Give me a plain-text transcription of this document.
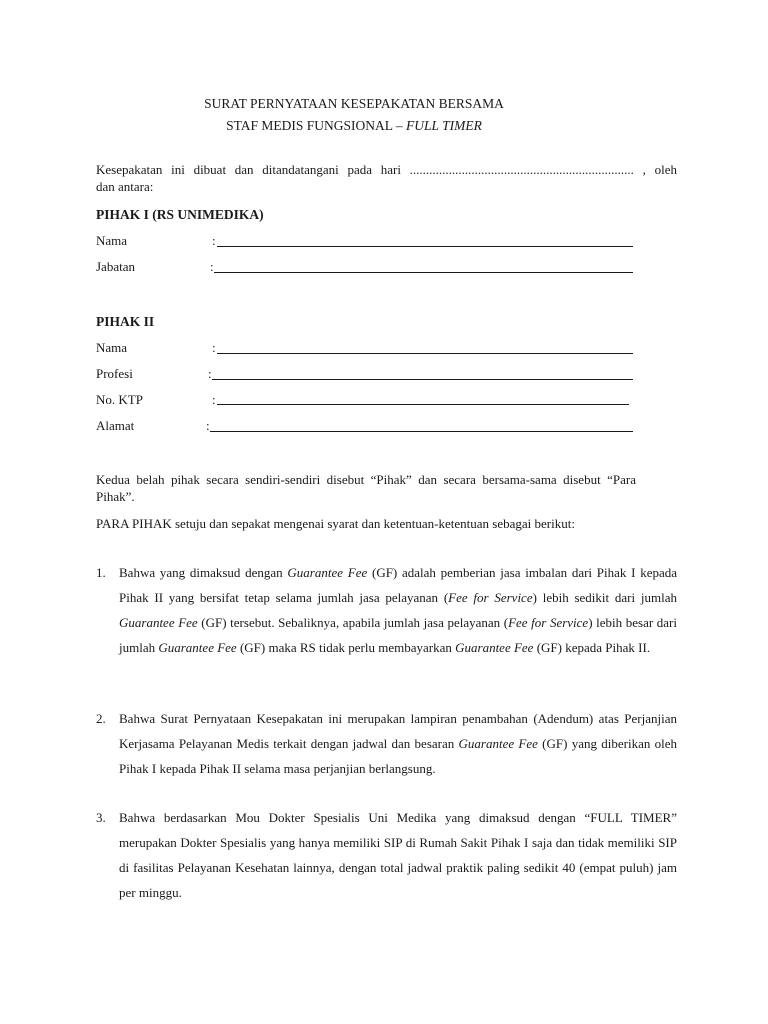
SURAT PERNYATAAN KESEPAKATAN BERSAMA
STAF MEDIS FUNGSIONAL – FULL TIMER
Kesepakatan ini dibuat dan ditandatangani pada hari ..................................................................... , oleh
dan antara:
PIHAK I (RS UNIMEDIKA)
Nama	:
Jabatan	:
PIHAK II
Nama	:
Profesi	:
No. KTP	:
Alamat	:
Kedua belah pihak secara sendiri-sendiri disebut “Pihak” dan secara bersama-sama disebut “Para
Pihak”.
PARA PIHAK setuju dan sepakat mengenai syarat dan ketentuan-ketentuan sebagai berikut:
1. Bahwa yang dimaksud dengan Guarantee Fee (GF) adalah pemberian jasa imbalan dari Pihak I kepada Pihak II yang bersifat tetap selama jumlah jasa pelayanan (Fee for Service) lebih sedikit dari jumlah Guarantee Fee (GF) tersebut. Sebaliknya, apabila jumlah jasa pelayanan (Fee for Service) lebih besar dari jumlah Guarantee Fee (GF) maka RS tidak perlu membayarkan Guarantee Fee (GF) kepada Pihak II.
2. Bahwa Surat Pernyataan Kesepakatan ini merupakan lampiran penambahan (Adendum) atas Perjanjian Kerjasama Pelayanan Medis terkait dengan jadwal dan besaran Guarantee Fee (GF) yang diberikan oleh Pihak I kepada Pihak II selama masa perjanjian berlangsung.
3. Bahwa berdasarkan Mou Dokter Spesialis Uni Medika yang dimaksud dengan “FULL TIMER” merupakan Dokter Spesialis yang hanya memiliki SIP di Rumah Sakit Pihak I saja dan tidak memiliki SIP di fasilitas Pelayanan Kesehatan lainnya, dengan total jadwal praktik paling sedikit 40 (empat puluh) jam per minggu.
